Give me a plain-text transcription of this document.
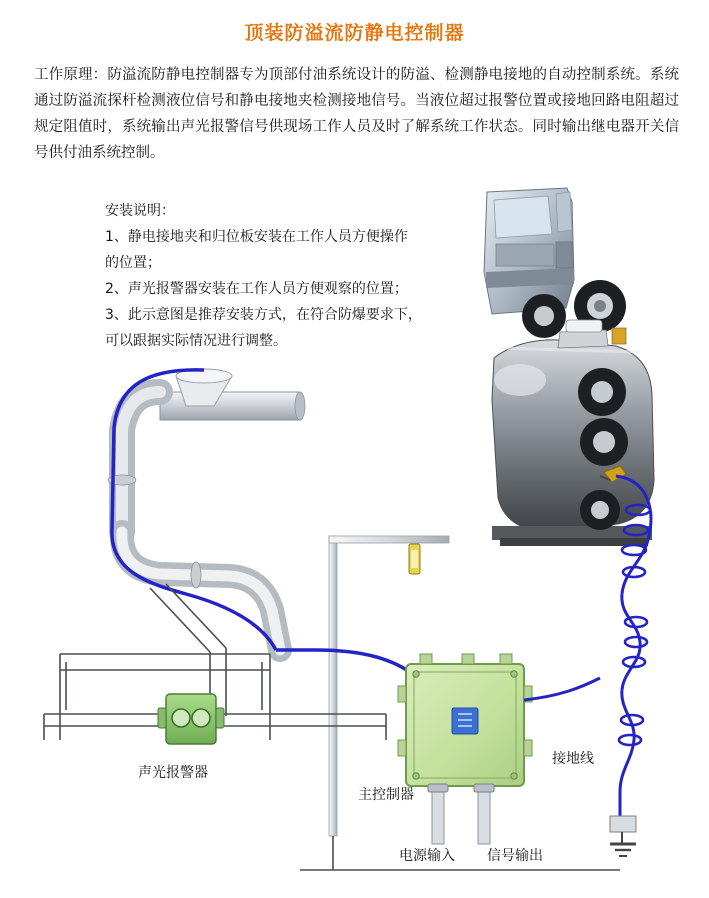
顶装防溢流防静电控制器
工作原理：防溢流防静电控制器专为顶部付油系统设计的防溢、检测静电接地的自动控制系统。系统通过防溢流探杆检测液位信号和静电接地夹检测接地信号。当液位超过报警位置或接地回路电阻超过规定阻值时，系统输出声光报警信号供现场工作人员及时了解系统工作状态。同时输出继电器开关信号供付油系统控制。
安装说明：
1、静电接地夹和归位板安装在工作人员方便操作
的位置；
2、声光报警器安装在工作人员方便观察的位置；
3、此示意图是推荐安装方式，在符合防爆要求下，
可以跟据实际情况进行调整。
声光报警器
主控制器
接地线
电源输入 信号输出
